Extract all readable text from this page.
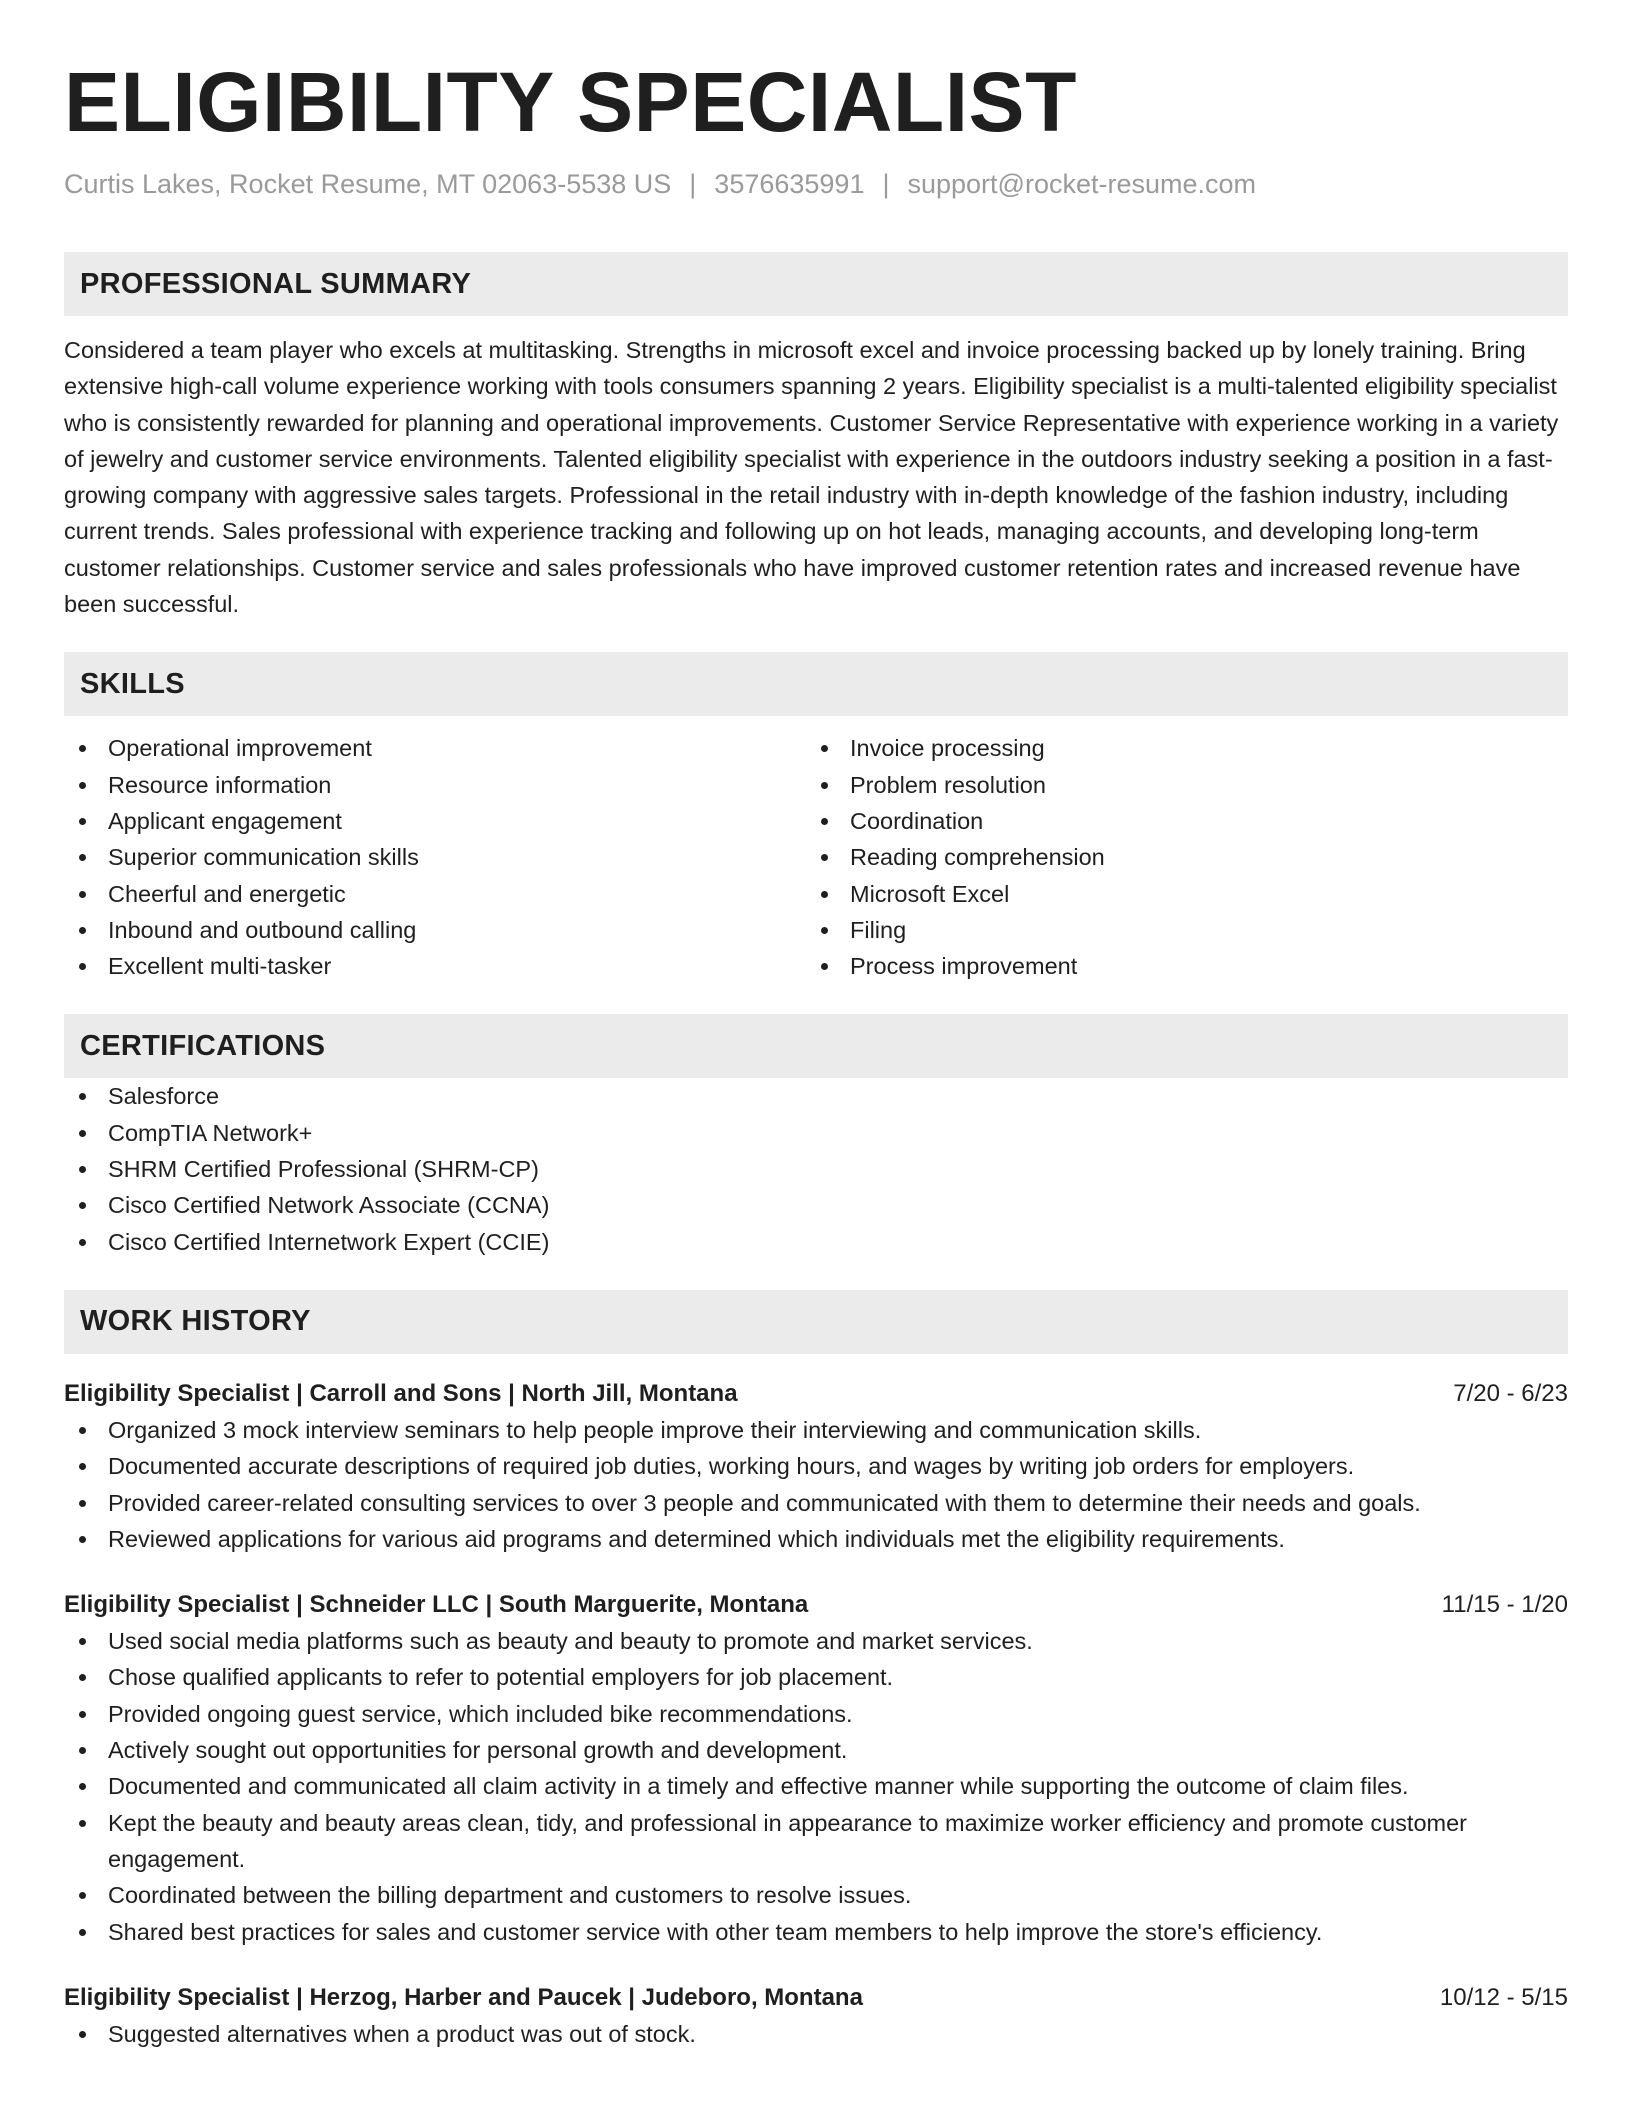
ELIGIBILITY SPECIALIST
Curtis Lakes, Rocket Resume, MT 02063-5538 US | 3576635991 | support@rocket-resume.com
PROFESSIONAL SUMMARY

Considered a team player who excels at multitasking. Strengths in microsoft excel and invoice processing backed up by lonely training. Bring extensive high-call volume experience working with tools consumers spanning 2 years. Eligibility specialist is a multi-talented eligibility specialist who is consistently rewarded for planning and operational improvements. Customer Service Representative with experience working in a variety of jewelry and customer service environments. Talented eligibility specialist with experience in the outdoors industry seeking a position in a fast-growing company with aggressive sales targets. Professional in the retail industry with in-depth knowledge of the fashion industry, including current trends. Sales professional with experience tracking and following up on hot leads, managing accounts, and developing long-term customer relationships. Customer service and sales professionals who have improved customer retention rates and increased revenue have been successful.

SKILLS
Operational improvement
Resource information
Applicant engagement
Superior communication skills
Cheerful and energetic
Inbound and outbound calling
Excellent multi-tasker
Invoice processing
Problem resolution
Coordination
Reading comprehension
Microsoft Excel
Filing
Process improvement
CERTIFICATIONS
Salesforce
CompTIA Network+
SHRM Certified Professional (SHRM-CP)
Cisco Certified Network Associate (CCNA)
Cisco Certified Internetwork Expert (CCIE)
WORK HISTORY
Eligibility Specialist | Carroll and Sons | North Jill, Montana	7/20 - 6/23
Organized 3 mock interview seminars to help people improve their interviewing and communication skills.
Documented accurate descriptions of required job duties, working hours, and wages by writing job orders for employers.
Provided career-related consulting services to over 3 people and communicated with them to determine their needs and goals.
Reviewed applications for various aid programs and determined which individuals met the eligibility requirements.
Eligibility Specialist | Schneider LLC | South Marguerite, Montana	11/15 - 1/20
Used social media platforms such as beauty and beauty to promote and market services.
Chose qualified applicants to refer to potential employers for job placement.
Provided ongoing guest service, which included bike recommendations.
Actively sought out opportunities for personal growth and development.
Documented and communicated all claim activity in a timely and effective manner while supporting the outcome of claim files.
Kept the beauty and beauty areas clean, tidy, and professional in appearance to maximize worker efficiency and promote customer engagement.
Coordinated between the billing department and customers to resolve issues.
Shared best practices for sales and customer service with other team members to help improve the store's efficiency.
Eligibility Specialist | Herzog, Harber and Paucek | Judeboro, Montana	10/12 - 5/15
Suggested alternatives when a product was out of stock.
